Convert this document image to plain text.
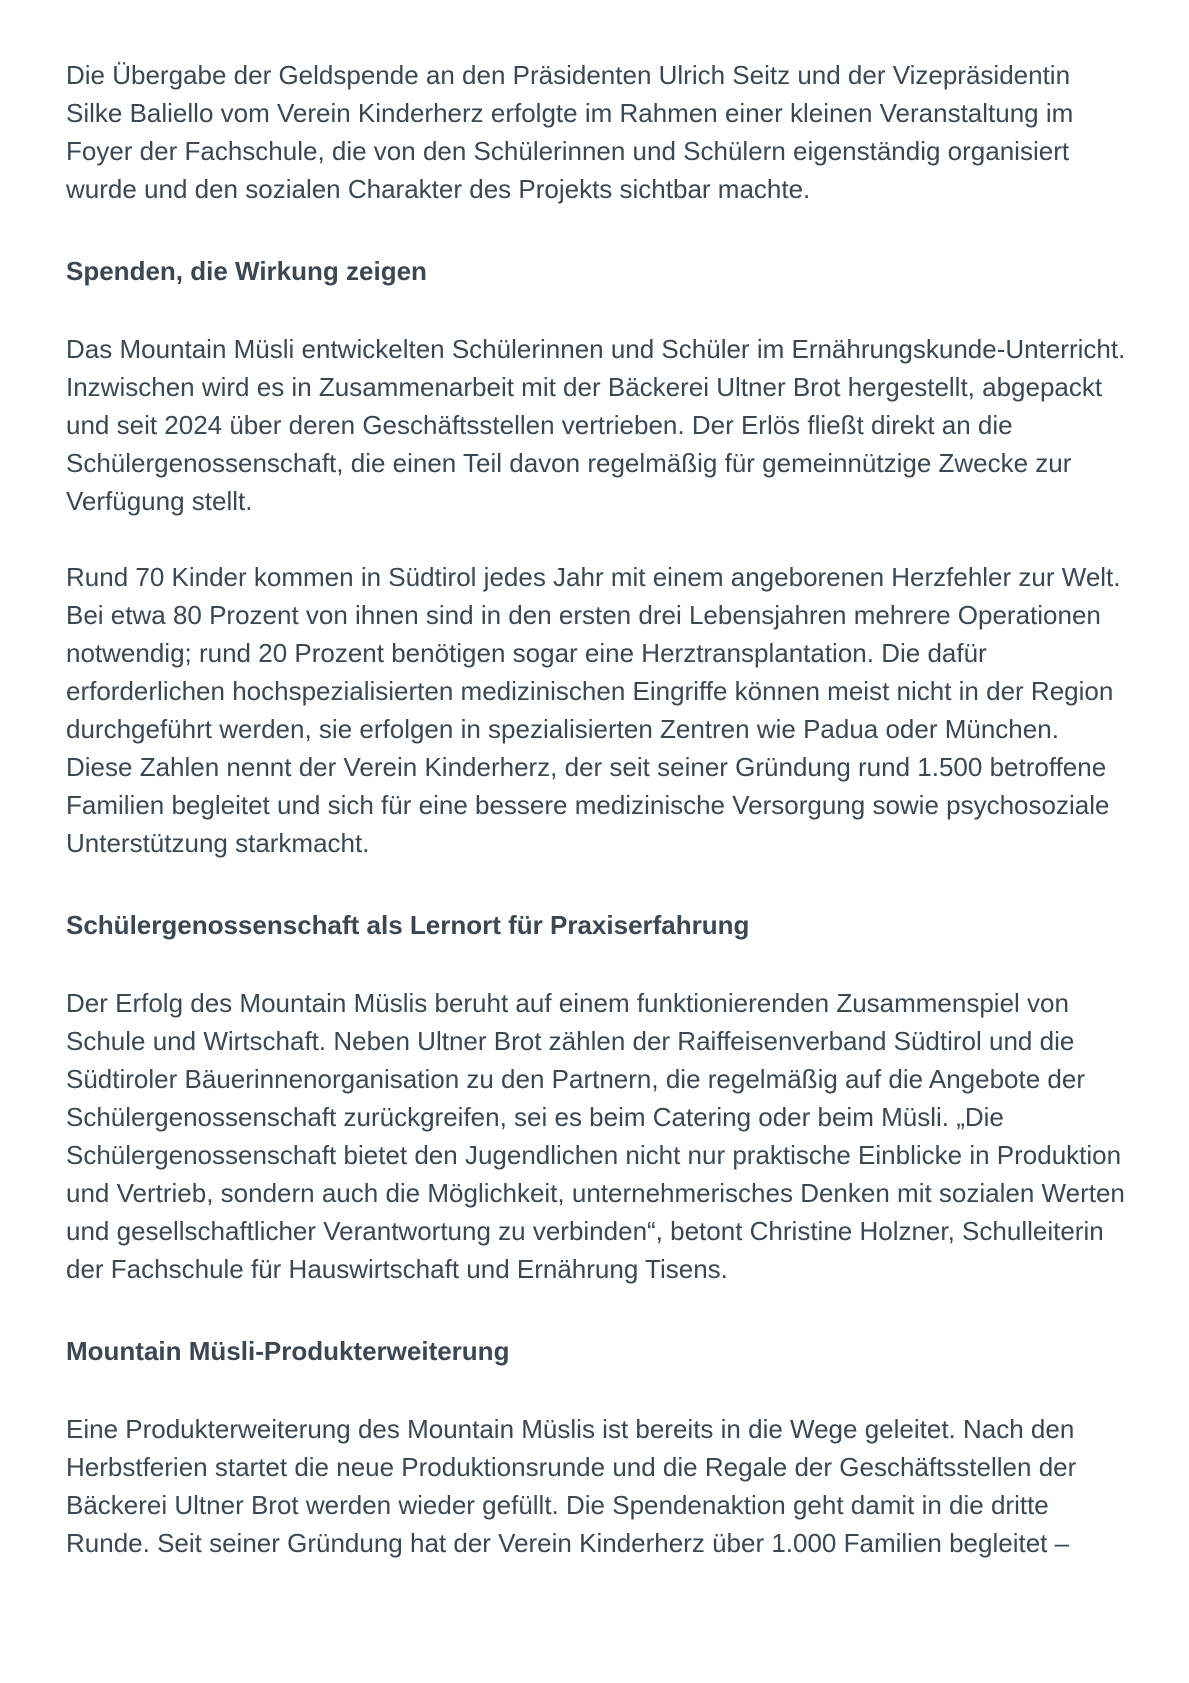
Die Übergabe der Geldspende an den Präsidenten Ulrich Seitz und der Vizepräsidentin Silke Baliello vom Verein Kinderherz erfolgte im Rahmen einer kleinen Veranstaltung im Foyer der Fachschule, die von den Schülerinnen und Schülern eigenständig organisiert wurde und den sozialen Charakter des Projekts sichtbar machte.

Spenden, die Wirkung zeigen

Das Mountain Müsli entwickelten Schülerinnen und Schüler im Ernährungskunde-Unterricht. Inzwischen wird es in Zusammenarbeit mit der Bäckerei Ultner Brot hergestellt, abgepackt und seit 2024 über deren Geschäftsstellen vertrieben. Der Erlös fließt direkt an die Schülergenossenschaft, die einen Teil davon regelmäßig für gemeinnützige Zwecke zur Verfügung stellt.

Rund 70 Kinder kommen in Südtirol jedes Jahr mit einem angeborenen Herzfehler zur Welt. Bei etwa 80 Prozent von ihnen sind in den ersten drei Lebensjahren mehrere Operationen notwendig; rund 20 Prozent benötigen sogar eine Herztransplantation. Die dafür erforderlichen hochspezialisierten medizinischen Eingriffe können meist nicht in der Region durchgeführt werden, sie erfolgen in spezialisierten Zentren wie Padua oder München. Diese Zahlen nennt der Verein Kinderherz, der seit seiner Gründung rund 1.500 betroffene Familien begleitet und sich für eine bessere medizinische Versorgung sowie psychosoziale Unterstützung starkmacht.

Schülergenossenschaft als Lernort für Praxiserfahrung

Der Erfolg des Mountain Müslis beruht auf einem funktionierenden Zusammenspiel von Schule und Wirtschaft. Neben Ultner Brot zählen der Raiffeisenverband Südtirol und die Südtiroler Bäuerinnenorganisation zu den Partnern, die regelmäßig auf die Angebote der Schülergenossenschaft zurückgreifen, sei es beim Catering oder beim Müsli. „Die Schülergenossenschaft bietet den Jugendlichen nicht nur praktische Einblicke in Produktion und Vertrieb, sondern auch die Möglichkeit, unternehmerisches Denken mit sozialen Werten und gesellschaftlicher Verantwortung zu verbinden“, betont Christine Holzner, Schulleiterin der Fachschule für Hauswirtschaft und Ernährung Tisens.

Mountain Müsli-Produkterweiterung

Eine Produkterweiterung des Mountain Müslis ist bereits in die Wege geleitet. Nach den Herbstferien startet die neue Produktionsrunde und die Regale der Geschäftsstellen der Bäckerei Ultner Brot werden wieder gefüllt. Die Spendenaktion geht damit in die dritte Runde. Seit seiner Gründung hat der Verein Kinderherz über 1.000 Familien begleitet –
